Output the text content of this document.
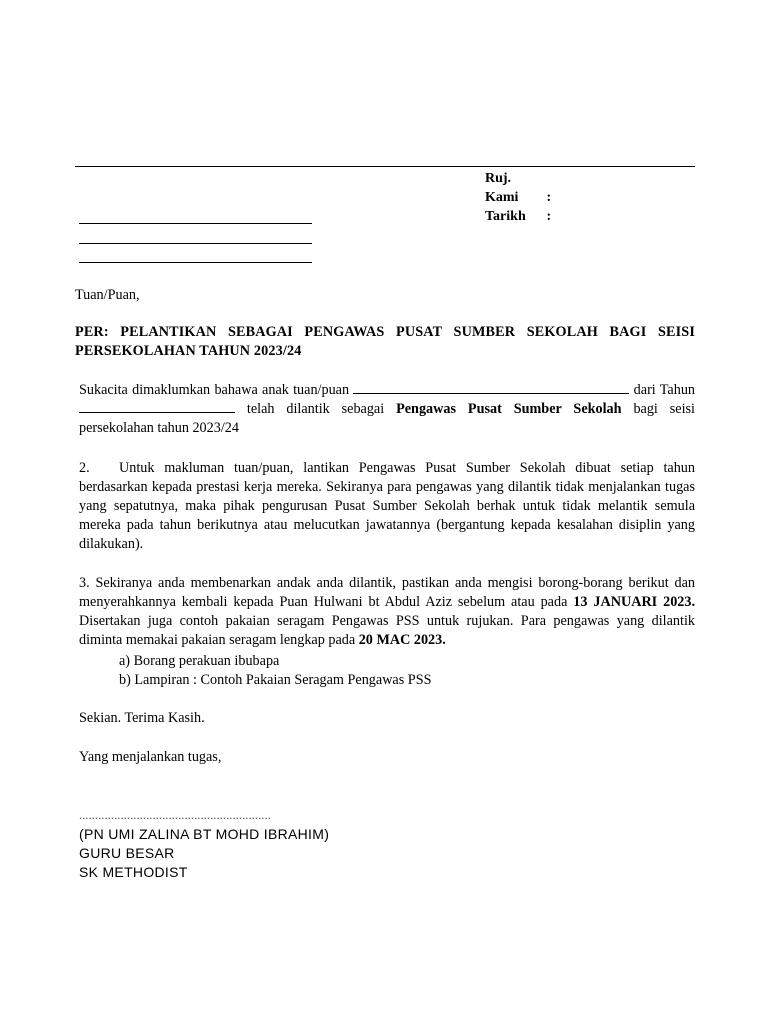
Ruj. Kami :
Tarikh :
Tuan/Puan,
PER: PELANTIKAN SEBAGAI PENGAWAS PUSAT SUMBER SEKOLAH BAGI SEISI PERSEKOLAHAN TAHUN 2023/24
Sukacita dimaklumkan bahawa anak tuan/puan	dari Tahun  telah dilantik sebagai Pengawas Pusat Sumber Sekolah bagi seisi persekolahan tahun 2023/24
2. Untuk makluman tuan/puan, lantikan Pengawas Pusat Sumber Sekolah dibuat setiap tahun berdasarkan kepada prestasi kerja mereka. Sekiranya para pengawas yang dilantik tidak menjalankan tugas yang sepatutnya, maka pihak pengurusan Pusat Sumber Sekolah berhak untuk tidak melantik semula mereka pada tahun berikutnya atau melucutkan jawatannya (bergantung kepada kesalahan disiplin yang dilakukan).
3. Sekiranya anda membenarkan andak anda dilantik, pastikan anda mengisi borong-borang berikut dan menyerahkannya kembali kepada Puan Hulwani bt Abdul Aziz sebelum atau pada 13 JANUARI 2023. Disertakan juga contoh pakaian seragam Pengawas PSS untuk rujukan. Para pengawas yang dilantik diminta memakai pakaian seragam lengkap pada 20 MAC 2023.
a) Borang perakuan ibubapa
b) Lampiran : Contoh Pakaian Seragam Pengawas PSS
Sekian. Terima Kasih.
Yang menjalankan tugas,
............................................................
(PN UMI ZALINA BT MOHD IBRAHIM)
GURU BESAR
SK METHODIST
